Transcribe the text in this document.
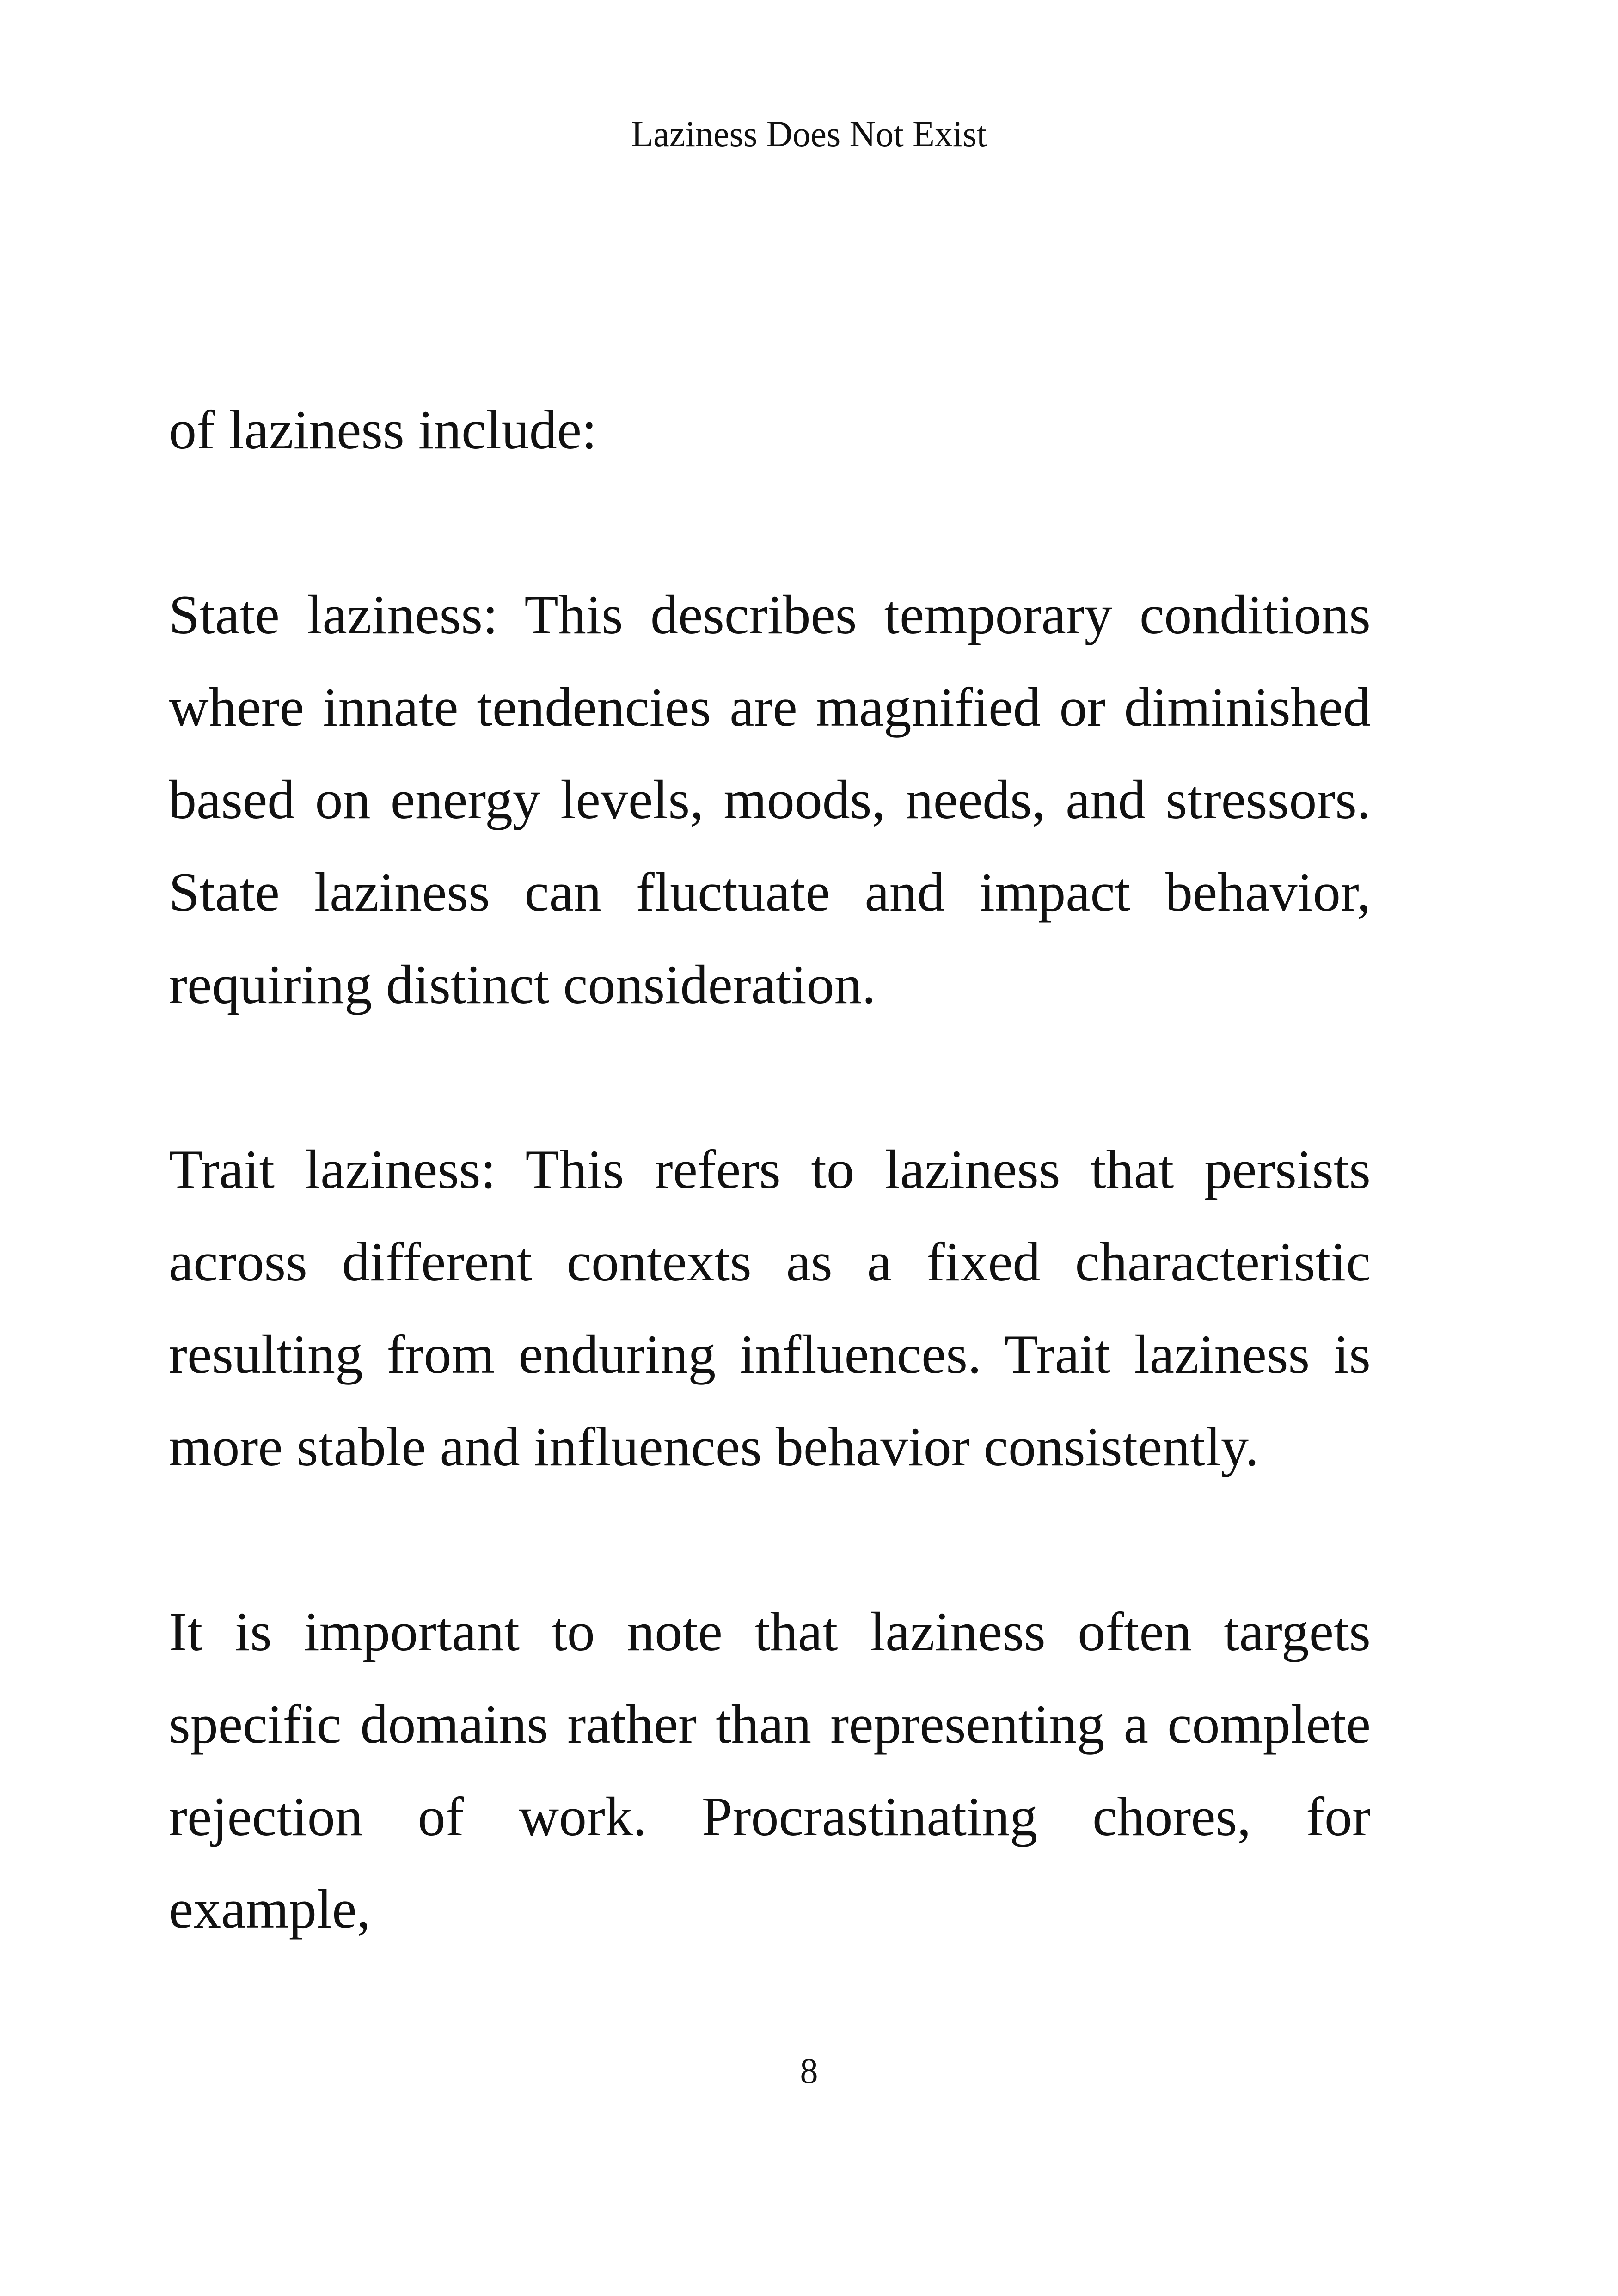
Laziness Does Not Exist

of laziness include:

State laziness: This describes temporary conditions where innate tendencies are magnified or diminished based on energy levels, moods, needs, and stressors. State laziness can fluctuate and impact behavior, requiring distinct consideration.

Trait laziness: This refers to laziness that persists across different contexts as a fixed characteristic resulting from enduring influences. Trait laziness is more stable and influences behavior consistently.

It is important to note that laziness often targets specific domains rather than representing a complete rejection of work. Procrastinating chores, for example,

8
